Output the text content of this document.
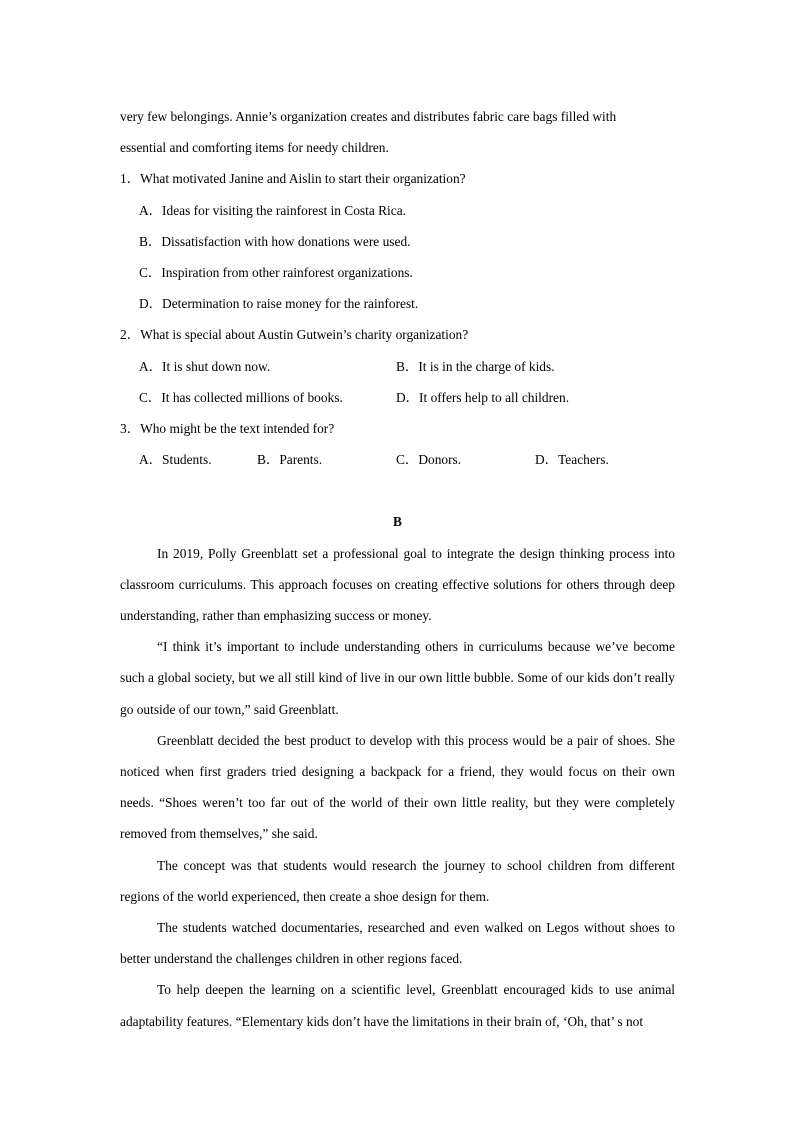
very few belongings. Annie’s organization creates and distributes fabric care bags filled with

essential and comforting items for needy children.

1．What motivated Janine and Aislin to start their organization?

A．Ideas for visiting the rainforest in Costa Rica.

B．Dissatisfaction with how donations were used.

C．Inspiration from other rainforest organizations.

D．Determination to raise money for the rainforest.

2．What is special about Austin Gutwein’s charity organization?

A．It is shut down now.	B．It is in the charge of kids.
C．It has collected millions of books.	D．It offers help to all children.

3．Who might be the text intended for?

A．Students.	B．Parents.	C．Donors.	D．Teachers.

B

In 2019, Polly Greenblatt set a professional goal to integrate the design thinking process into classroom curriculums. This approach focuses on creating effective solutions for others through deep understanding, rather than emphasizing success or money.

“I think it’s important to include understanding others in curriculums because we’ve become such a global society, but we all still kind of live in our own little bubble. Some of our kids don’t really go outside of our town,” said Greenblatt.

Greenblatt decided the best product to develop with this process would be a pair of shoes. She noticed when first graders tried designing a backpack for a friend, they would focus on their own needs. “Shoes weren’t too far out of the world of their own little reality, but they were completely removed from themselves,” she said.

The concept was that students would research the journey to school children from different regions of the world experienced, then create a shoe design for them.

The students watched documentaries, researched and even walked on Legos without shoes to better understand the challenges children in other regions faced.

To help deepen the learning on a scientific level, Greenblatt encouraged kids to use animal adaptability features. “Elementary kids don’t have the limitations in their brain of, ‘Oh, that’ s not
